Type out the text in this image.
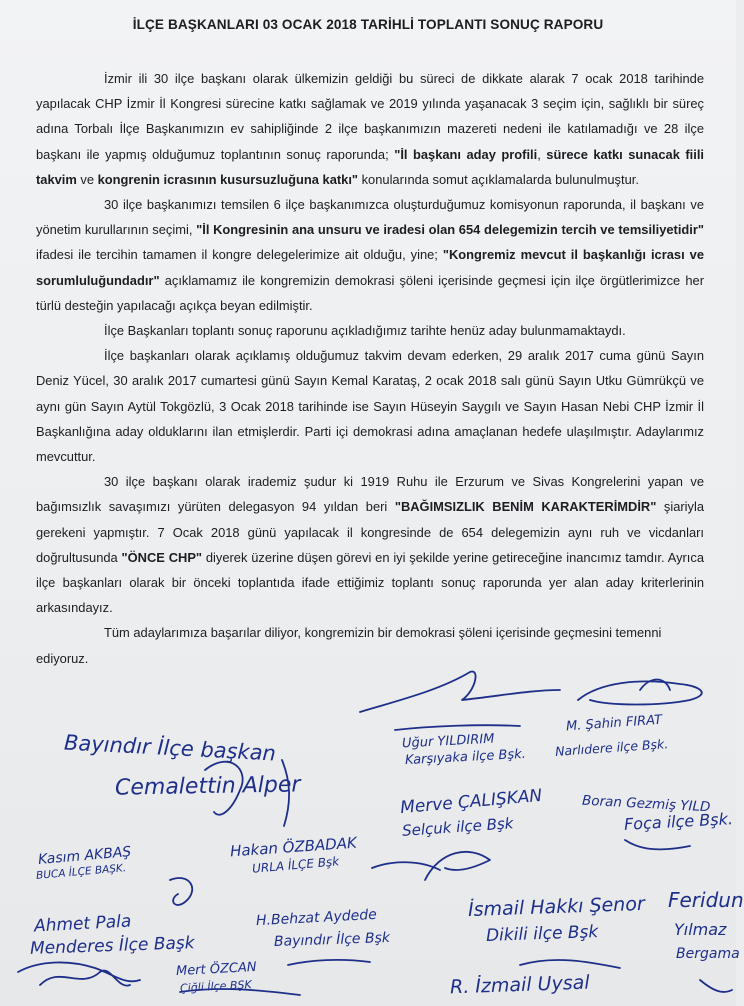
İLÇE BAŞKANLARI 03 OCAK 2018 TARİHLİ TOPLANTI SONUÇ RAPORU

İzmir ili 30 ilçe başkanı olarak ülkemizin geldiği bu süreci de dikkate alarak 7 ocak 2018 tarihinde yapılacak CHP İzmir İl Kongresi sürecine katkı sağlamak ve 2019 yılında yaşanacak 3 seçim için, sağlıklı bir süreç adına Torbalı İlçe Başkanımızın ev sahipliğinde 2 ilçe başkanımızın mazereti nedeni ile katılamadığı ve 28 ilçe başkanı ile yapmış olduğumuz toplantının sonuç raporunda; "İl başkanı aday profili, sürece katkı sunacak fiili takvim ve kongrenin icrasının kusursuzluğuna katkı" konularında somut açıklamalarda bulunulmuştur.

30 ilçe başkanımızı temsilen 6 ilçe başkanımızca oluşturduğumuz komisyonun raporunda, il başkanı ve yönetim kurullarının seçimi, "İl Kongresinin ana unsuru ve iradesi olan 654 delegemizin tercih ve temsiliyetidir" ifadesi ile tercihin tamamen il kongre delegelerimize ait olduğu, yine; "Kongremiz mevcut il başkanlığı icrası ve sorumluluğundadır" açıklamamız ile kongremizin demokrasi şöleni içerisinde geçmesi için ilçe örgütlerimizce her türlü desteğin yapılacağı açıkça beyan edilmiştir.

İlçe Başkanları toplantı sonuç raporunu açıkladığımız tarihte henüz aday bulunmamaktaydı.

İlçe başkanları olarak açıklamış olduğumuz takvim devam ederken, 29 aralık 2017 cuma günü Sayın Deniz Yücel, 30 aralık 2017 cumartesi günü Sayın Kemal Karataş, 2 ocak 2018 salı günü Sayın Utku Gümrükçü ve aynı gün Sayın Aytül Tokgözlü, 3 Ocak 2018 tarihinde ise Sayın Hüseyin Saygılı ve Sayın Hasan Nebi CHP İzmir İl Başkanlığına aday olduklarını ilan etmişlerdir. Parti içi demokrasi adına amaçlanan hedefe ulaşılmıştır. Adaylarımız mevcuttur.

30 ilçe başkanı olarak irademiz şudur ki 1919 Ruhu ile Erzurum ve Sivas Kongrelerini yapan ve bağımsızlık savaşımızı yürüten delegasyon 94 yıldan beri "BAĞIMSIZLIK BENİM KARAKTERİMDİR" şiariyla gerekeni yapmıştır. 7 Ocak 2018 günü yapılacak il kongresinde de 654 delegemizin aynı ruh ve vicdanları doğrultusunda "ÖNCE CHP" diyerek üzerine düşen görevi en iyi şekilde yerine getireceğine inancımız tamdır. Ayrıca ilçe başkanları olarak bir önceki toplantıda ifade ettiğimiz toplantı sonuç raporunda yer alan aday kriterlerinin arkasındayız.

Tüm adaylarımıza başarılar diliyor, kongremizin bir demokrasi şöleni içerisinde geçmesini temenni ediyoruz.

Uğur YILDIRIM
Karşıyaka ilçe Bşk.
M. Şahin FIRAT
Narlıdere ilçe Bşk.
Bayındır İlçe başkan
Cemalettin Alper	Merve ÇALIŞKAN
Selçuk ilçe Bşk
Boran Gezmiş YILD
Foça ilçe Bşk.
Hakan ÖZBADAK
URLA İLÇE Bşk
Kasım AKBAŞ
BUCA İLÇE BAŞK.
Ahmet Pala
Menderes İlçe Başk
H.Behzat Aydede
Bayındır İlçe Bşk
İsmail Hakkı Şenor
Dikili ilçe Bşk
Feridun
Yılmaz
Bergama
Mert ÖZCAN
Çiğli İlçe BŞK	R. İzmail Uysal
